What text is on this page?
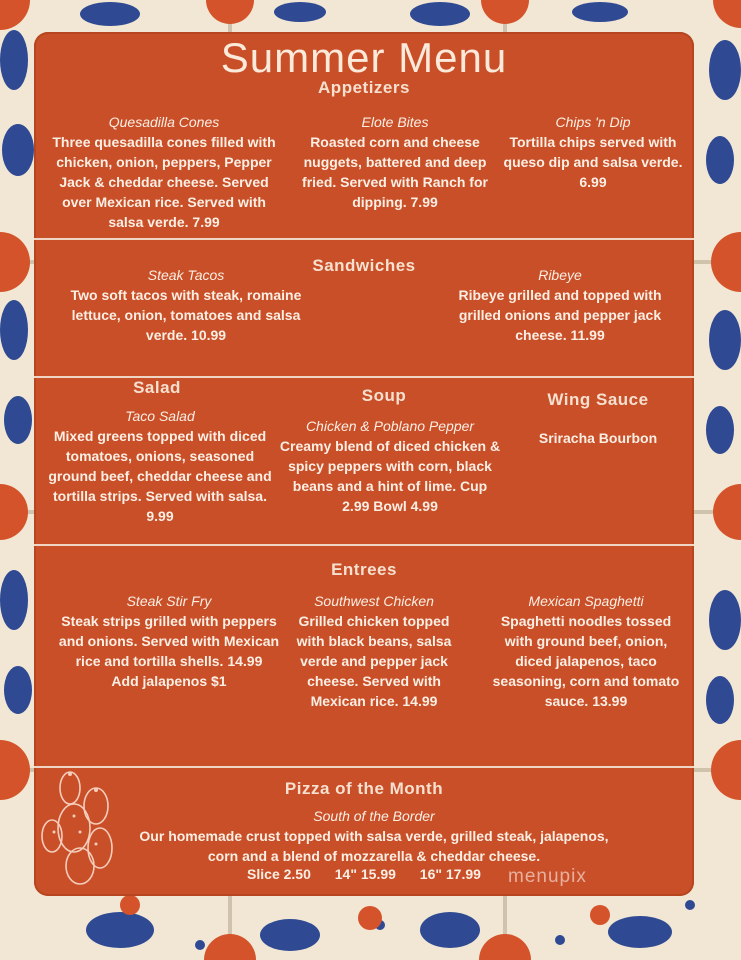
Summer Menu
Appetizers
Quesadilla Cones
Three quesadilla cones filled with chicken, onion, peppers, Pepper Jack & cheddar cheese. Served over Mexican rice. Served with salsa verde. 7.99
Elote Bites
Roasted corn and cheese nuggets, battered and deep fried. Served with Ranch for dipping. 7.99
Chips 'n Dip
Tortilla chips served with queso dip and salsa verde. 6.99
Sandwiches
Steak Tacos
Two soft tacos with steak, romaine lettuce, onion, tomatoes and salsa verde. 10.99
Ribeye
Ribeye grilled and topped with grilled onions and pepper jack cheese. 11.99
Salad
Taco Salad
Mixed greens topped with diced tomatoes, onions, seasoned ground beef, cheddar cheese and tortilla strips. Served with salsa. 9.99
Soup
Chicken & Poblano Pepper
Creamy blend of diced chicken & spicy peppers with corn, black beans and a hint of lime. Cup 2.99 Bowl 4.99
Wing Sauce
Sriracha Bourbon
Entrees
Steak Stir Fry
Steak strips grilled with peppers and onions. Served with Mexican rice and tortilla shells. 14.99
Add jalapenos $1
Southwest Chicken
Grilled chicken topped with black beans, salsa verde and pepper jack cheese. Served with Mexican rice. 14.99
Mexican Spaghetti
Spaghetti noodles tossed with ground beef, onion, diced jalapenos, taco seasoning, corn and tomato sauce. 13.99
Pizza of the Month
South of the Border
Our homemade crust topped with salsa verde, grilled steak, jalapenos, corn and a blend of mozzarella & cheddar cheese.
Slice 2.50 14" 15.99 16" 17.99	menupix
